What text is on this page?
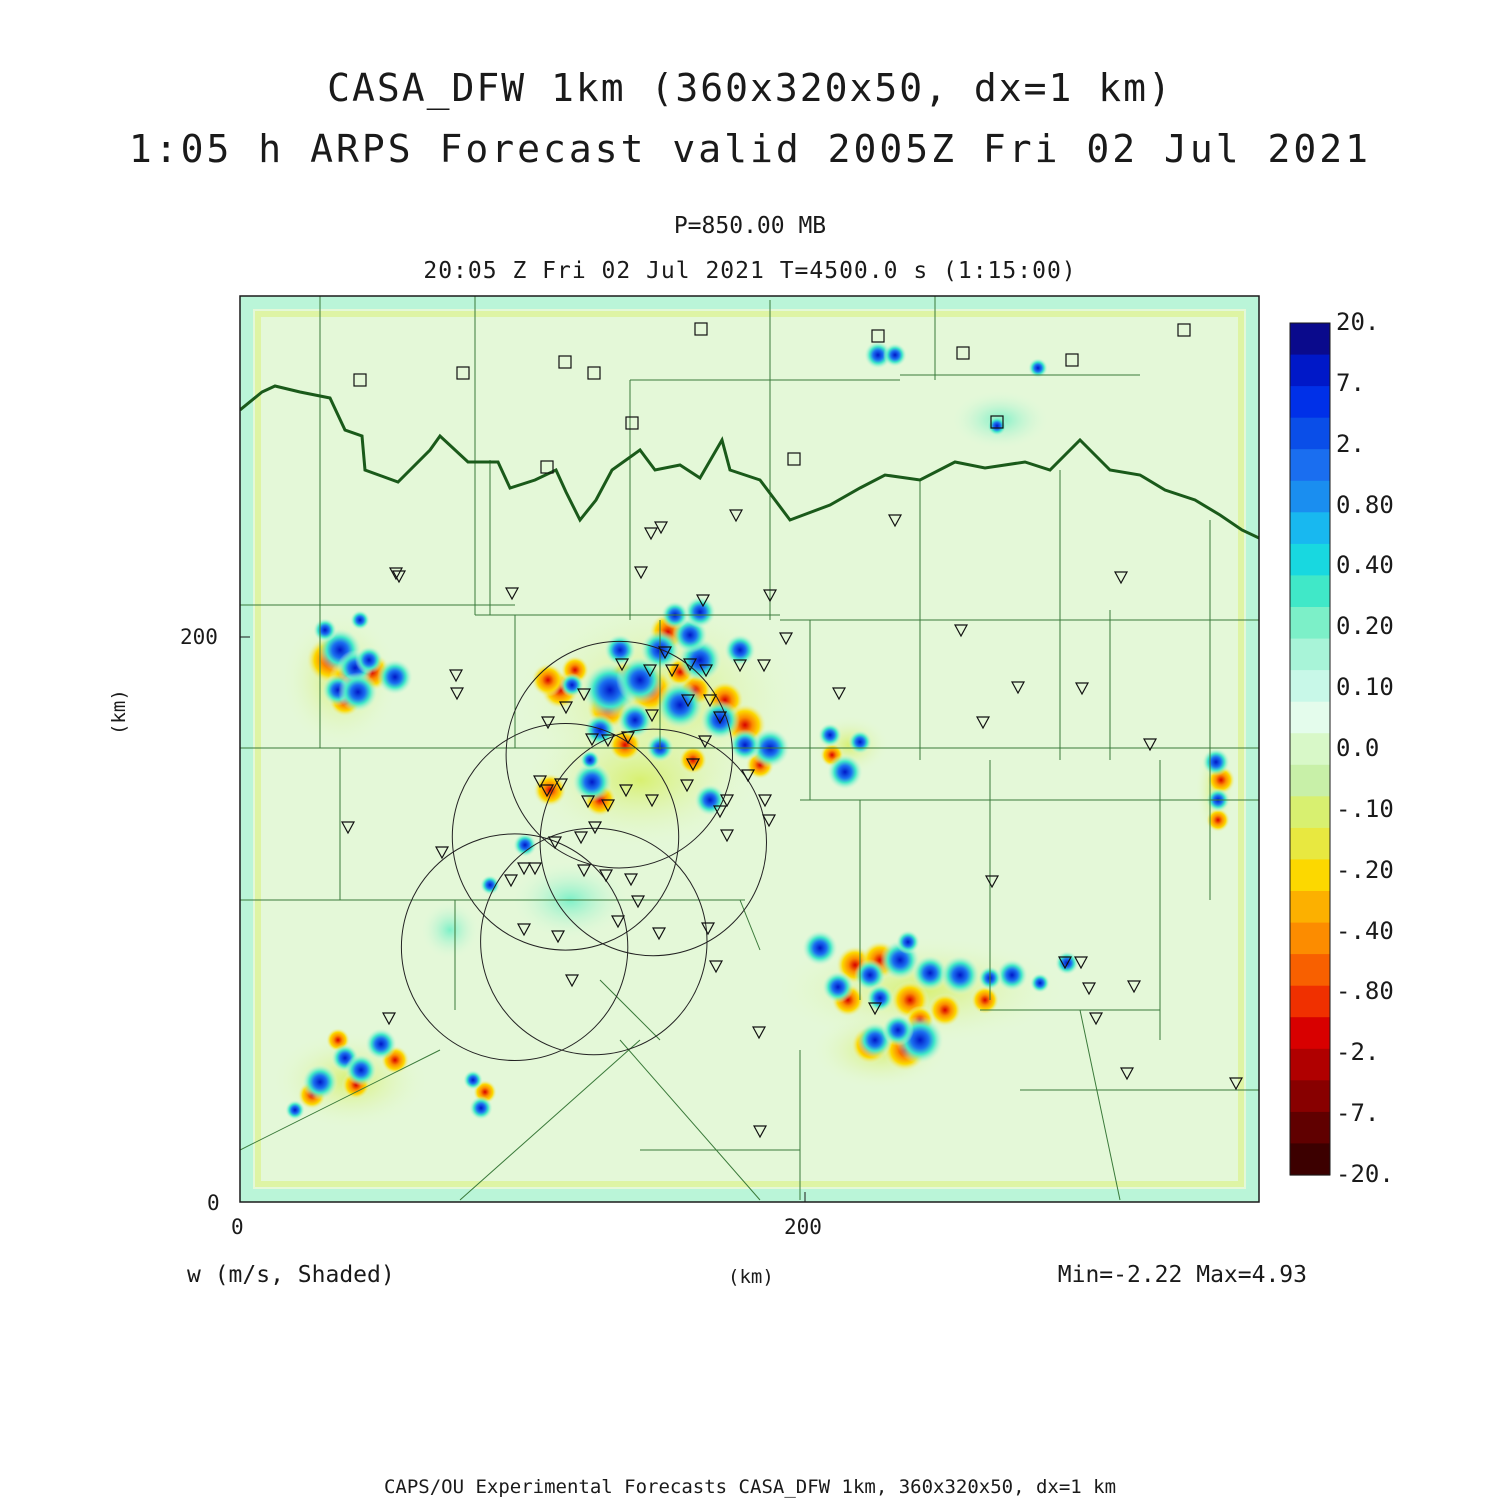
CASA_DFW 1km (360x320x50, dx=1 km)
1:05 h ARPS Forecast valid 2005Z Fri 02 Jul 2021
P=850.00 MB
20:05 Z Fri 02 Jul 2021 T=4500.0 s (1:15:00)
200
0
0	200
(km)
(km)
w (m/s, Shaded)	Min=-2.22 Max=4.93
20.
7.
2.
0.80
0.40
0.20
0.10
0.0
-.10
-.20
-.40
-.80
-2.
-7.
-20.
CAPS/OU Experimental Forecasts CASA_DFW 1km, 360x320x50, dx=1 km
